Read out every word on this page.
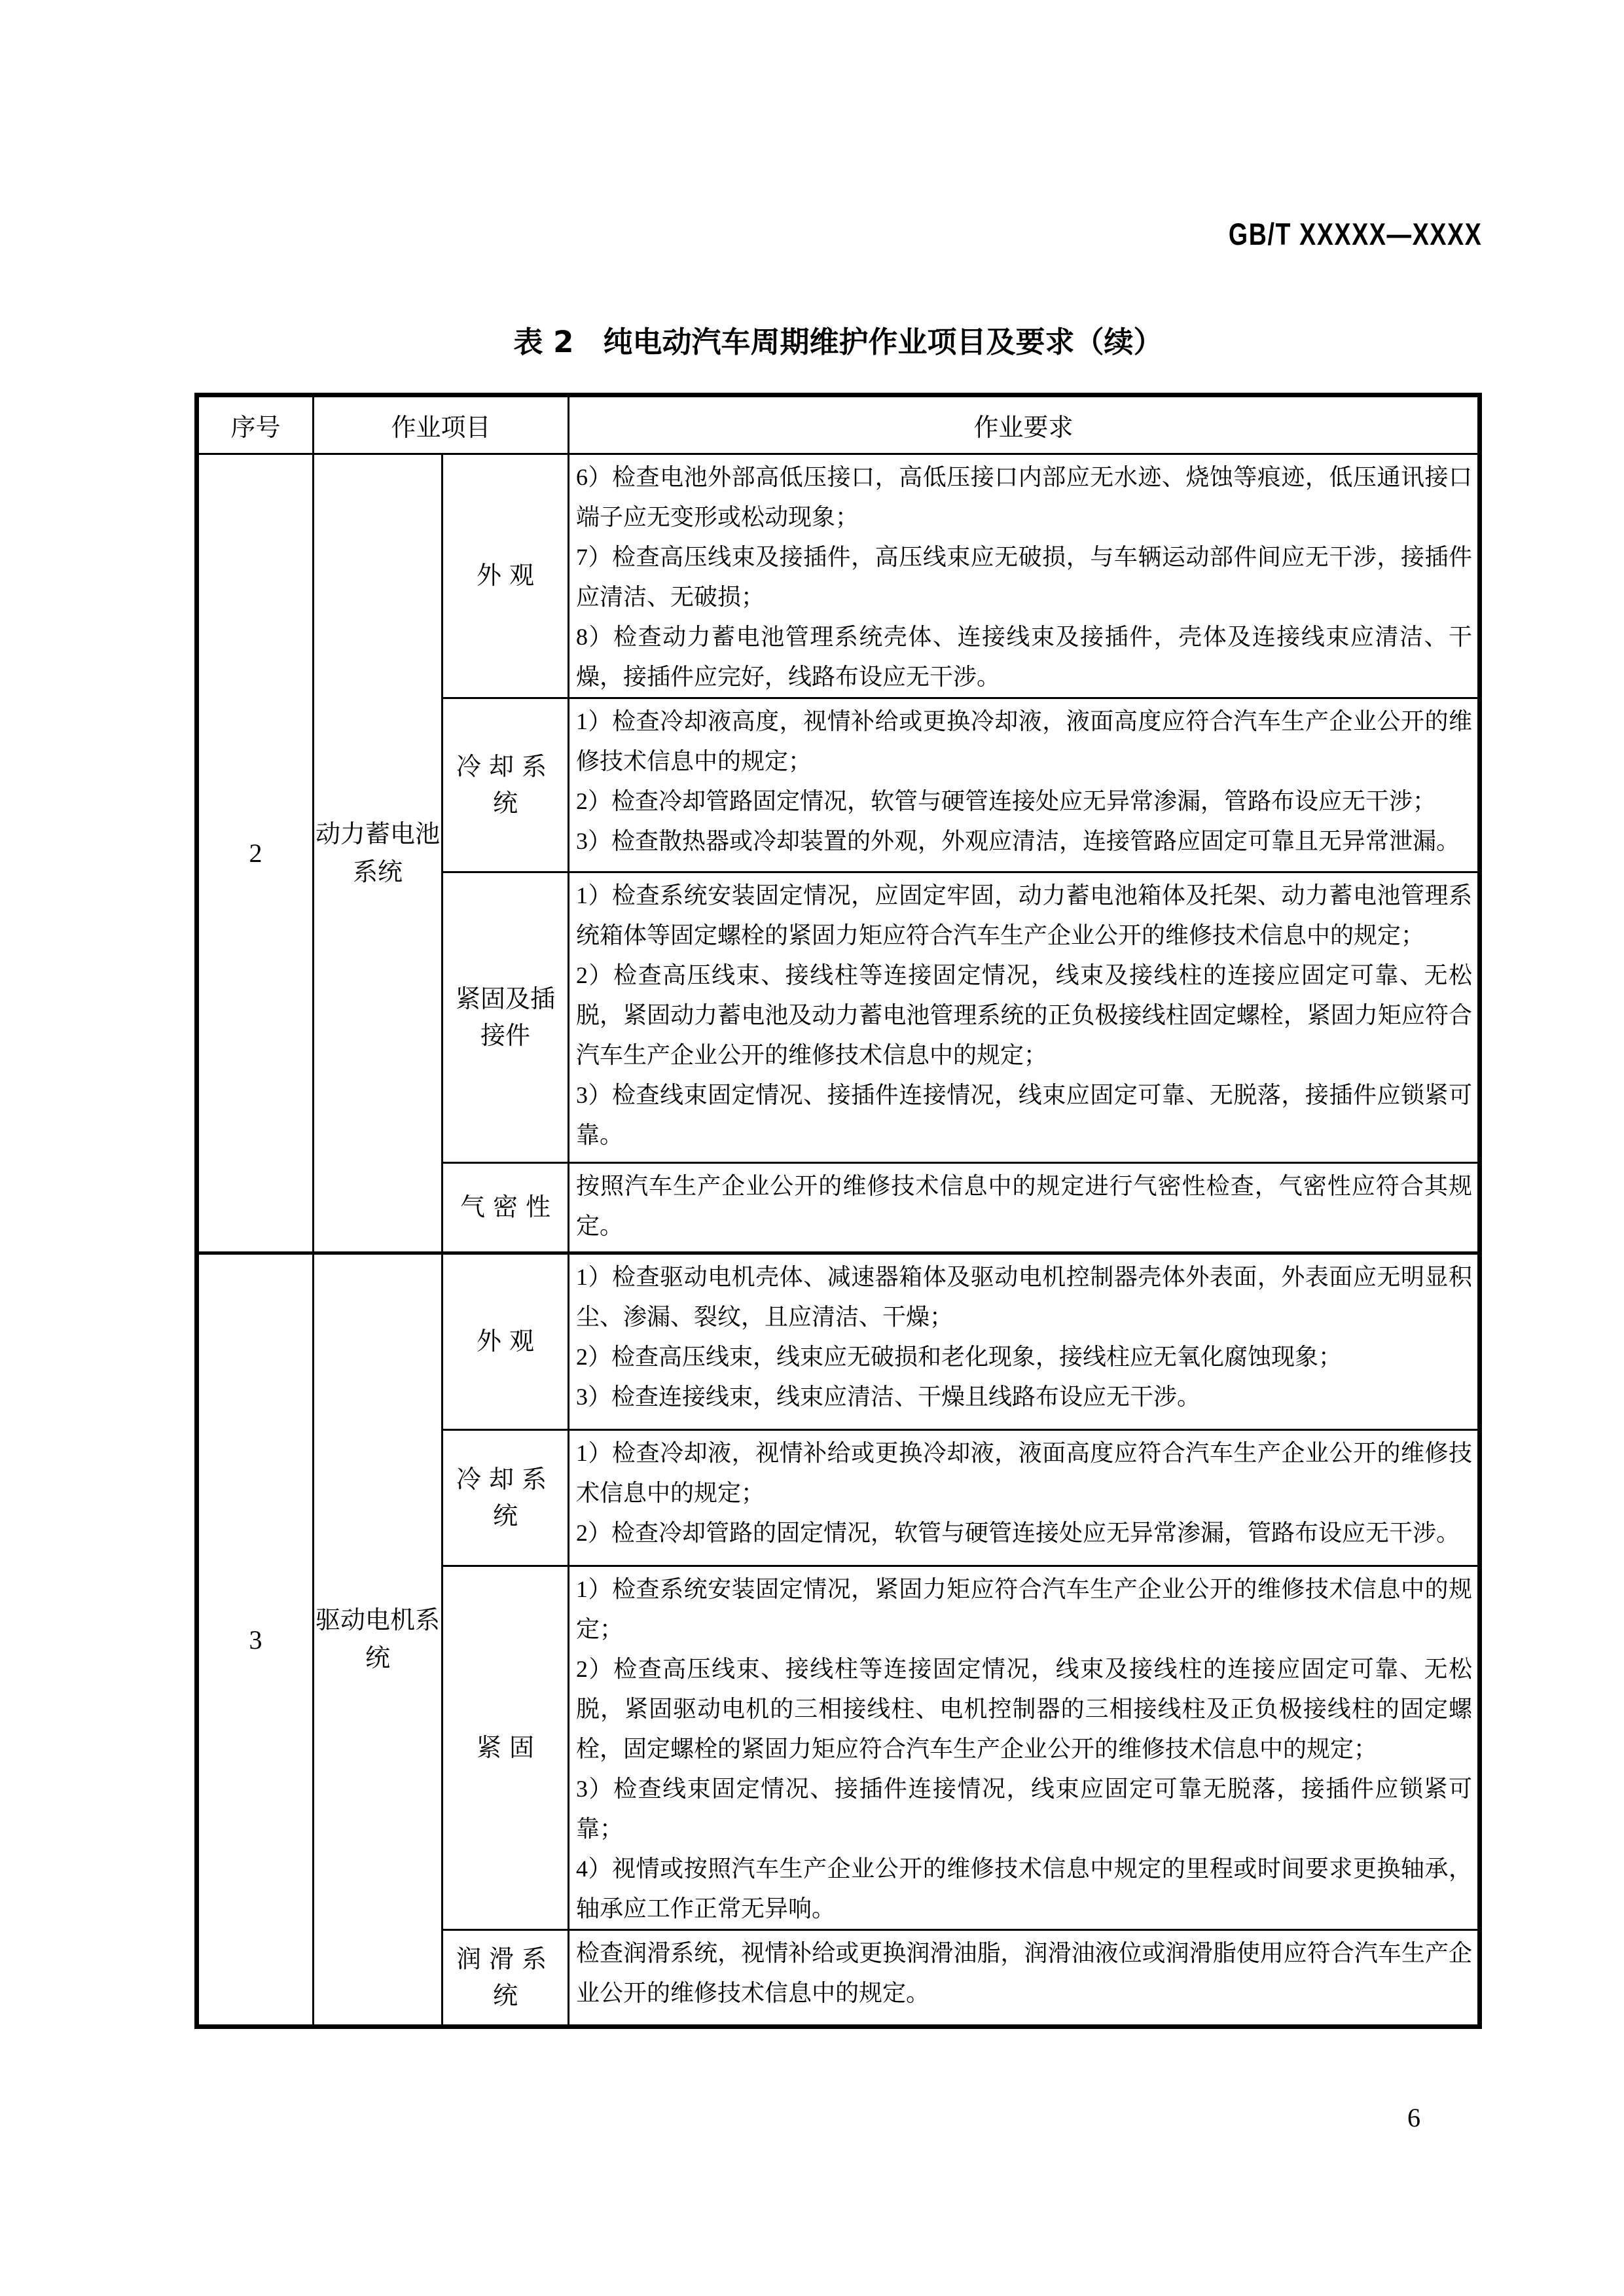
GB/T XXXXX—XXXX
表 2　纯电动汽车周期维护作业项目及要求（续）
序号	作业项目		作业要求
2	动力蓄电池系统	外观	6）检查电池外部高低压接口，高低压接口内部应无水迹、烧蚀等痕迹，低压通讯接口端子应无变形或松动现象；
7）检查高压线束及接插件，高压线束应无破损，与车辆运动部件间应无干涉，接插件应清洁、无破损；
8）检查动力蓄电池管理系统壳体、连接线束及接插件，壳体及连接线束应清洁、干燥，接插件应完好，线路布设应无干涉。

		冷却系统	1）检查冷却液高度，视情补给或更换冷却液，液面高度应符合汽车生产企业公开的维修技术信息中的规定；
2）检查冷却管路固定情况，软管与硬管连接处应无异常渗漏，管路布设应无干涉；
3）检查散热器或冷却装置的外观，外观应清洁，连接管路应固定可靠且无异常泄漏。

		紧固及插接件	1）检查系统安装固定情况，应固定牢固，动力蓄电池箱体及托架、动力蓄电池管理系统箱体等固定螺栓的紧固力矩应符合汽车生产企业公开的维修技术信息中的规定；
2）检查高压线束、接线柱等连接固定情况，线束及接线柱的连接应固定可靠、无松脱，紧固动力蓄电池及动力蓄电池管理系统的正负极接线柱固定螺栓，紧固力矩应符合汽车生产企业公开的维修技术信息中的规定；
3）检查线束固定情况、接插件连接情况，线束应固定可靠、无脱落，接插件应锁紧可靠。

		气密性	按照汽车生产企业公开的维修技术信息中的规定进行气密性检查，气密性应符合其规定。

3	驱动电机系统	外观	1）检查驱动电机壳体、减速器箱体及驱动电机控制器壳体外表面，外表面应无明显积尘、渗漏、裂纹，且应清洁、干燥；
2）检查高压线束，线束应无破损和老化现象，接线柱应无氧化腐蚀现象；
3）检查连接线束，线束应清洁、干燥且线路布设应无干涉。

		冷却系统	1）检查冷却液，视情补给或更换冷却液，液面高度应符合汽车生产企业公开的维修技术信息中的规定；
2）检查冷却管路的固定情况，软管与硬管连接处应无异常渗漏，管路布设应无干涉。

		紧固	1）检查系统安装固定情况，紧固力矩应符合汽车生产企业公开的维修技术信息中的规定；
2）检查高压线束、接线柱等连接固定情况，线束及接线柱的连接应固定可靠、无松脱，紧固驱动电机的三相接线柱、电机控制器的三相接线柱及正负极接线柱的固定螺栓，固定螺栓的紧固力矩应符合汽车生产企业公开的维修技术信息中的规定；
3）检查线束固定情况、接插件连接情况，线束应固定可靠无脱落，接插件应锁紧可靠；
4）视情或按照汽车生产企业公开的维修技术信息中规定的里程或时间要求更换轴承，轴承应工作正常无异响。

		润滑系统	检查润滑系统，视情补给或更换润滑油脂，润滑油液位或润滑脂使用应符合汽车生产企业公开的维修技术信息中的规定。
6
